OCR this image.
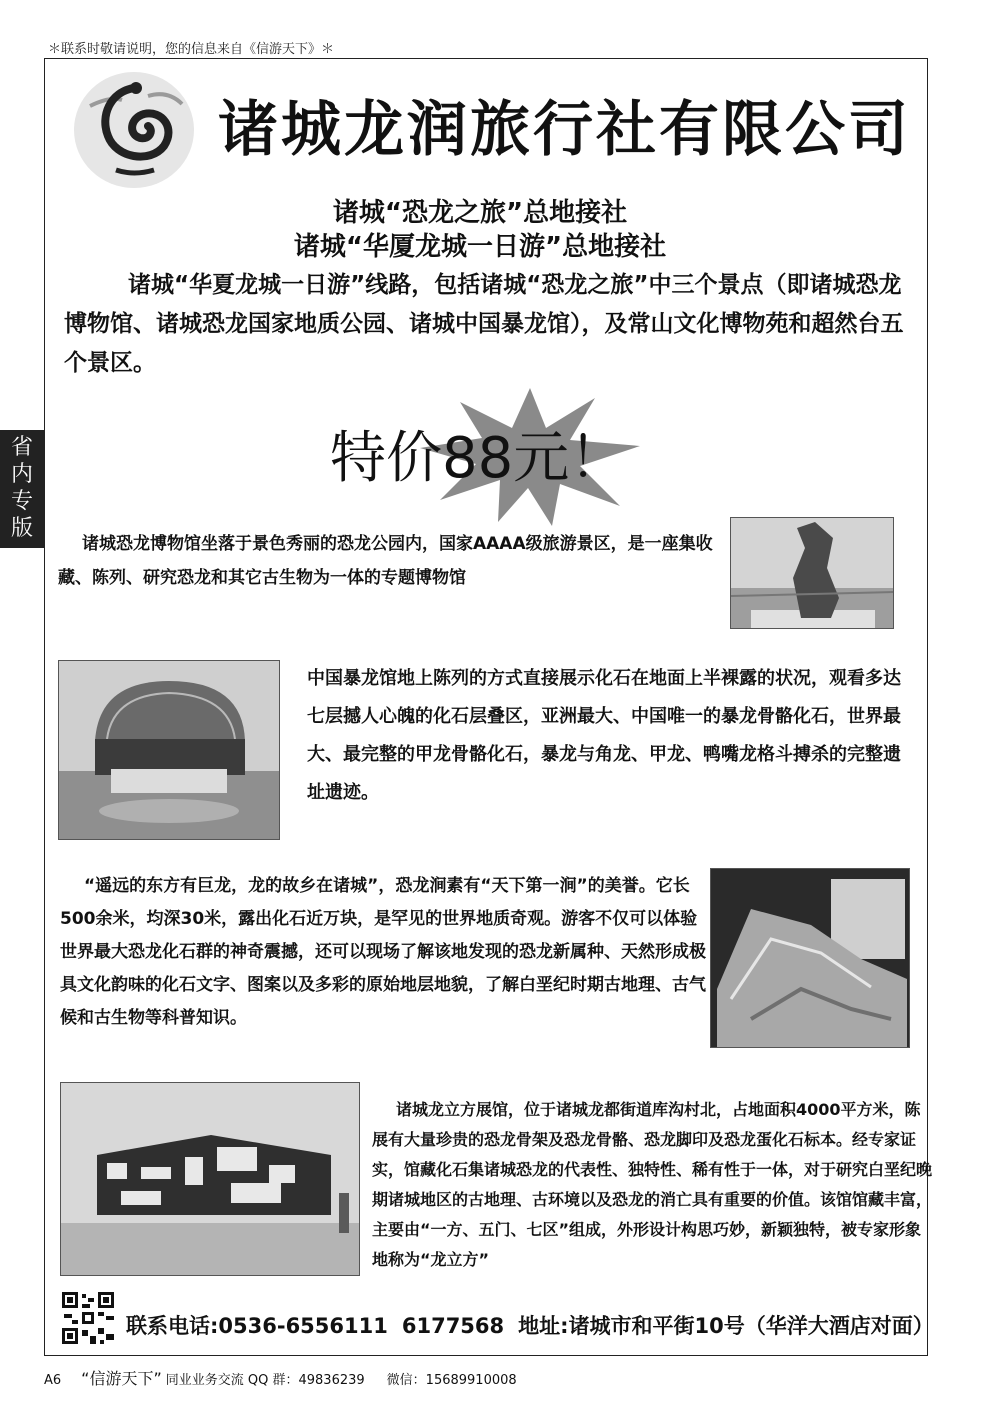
＊联系时敬请说明，您的信息来自《信游天下》＊
省
内
专
版
诸城龙润旅行社有限公司
诸城“恐龙之旅”总地接社
诸城“华厦龙城一日游”总地接社
诸城“华夏龙城一日游”线路，包括诸城“恐龙之旅”中三个景点（即诸城恐龙博物馆、诸城恐龙国家地质公园、诸城中国暴龙馆），及常山文化博物苑和超然台五个景区。
特价88元！
诸城恐龙博物馆坐落于景色秀丽的恐龙公园内，国家AAAA级旅游景区，是一座集收藏、陈列、研究恐龙和其它古生物为一体的专题博物馆
中国暴龙馆地上陈列的方式直接展示化石在地面上半裸露的状况，观看多达七层撼人心魄的化石层叠区，亚洲最大、中国唯一的暴龙骨骼化石，世界最大、最完整的甲龙骨骼化石，暴龙与角龙、甲龙、鸭嘴龙格斗搏杀的完整遗址遗迹。
“遥远的东方有巨龙，龙的故乡在诸城”，恐龙涧素有“天下第一涧”的美誉。它长500余米，均深30米，露出化石近万块，是罕见的世界地质奇观。游客不仅可以体验世界最大恐龙化石群的神奇震撼，还可以现场了解该地发现的恐龙新属种、天然形成极具文化韵味的化石文字、图案以及多彩的原始地层地貌，了解白垩纪时期古地理、古气候和古生物等科普知识。
诸城龙立方展馆，位于诸城龙都街道库沟村北，占地面积4000平方米，陈展有大量珍贵的恐龙骨架及恐龙骨骼、恐龙脚印及恐龙蛋化石标本。经专家证实，馆藏化石集诸城恐龙的代表性、独特性、稀有性于一体，对于研究白垩纪晚期诸城地区的古地理、古环境以及恐龙的消亡具有重要的价值。该馆馆藏丰富，主要由“一方、五门、七区”组成，外形设计构思巧妙，新颖独特，被专家形象地称为“龙立方”
联系电话:0536-6556111 6177568 地址:诸城市和平街10号（华洋大酒店对面）
A6 “信游天下” 同业业务交流 QQ 群：49836239 微信：15689910008
